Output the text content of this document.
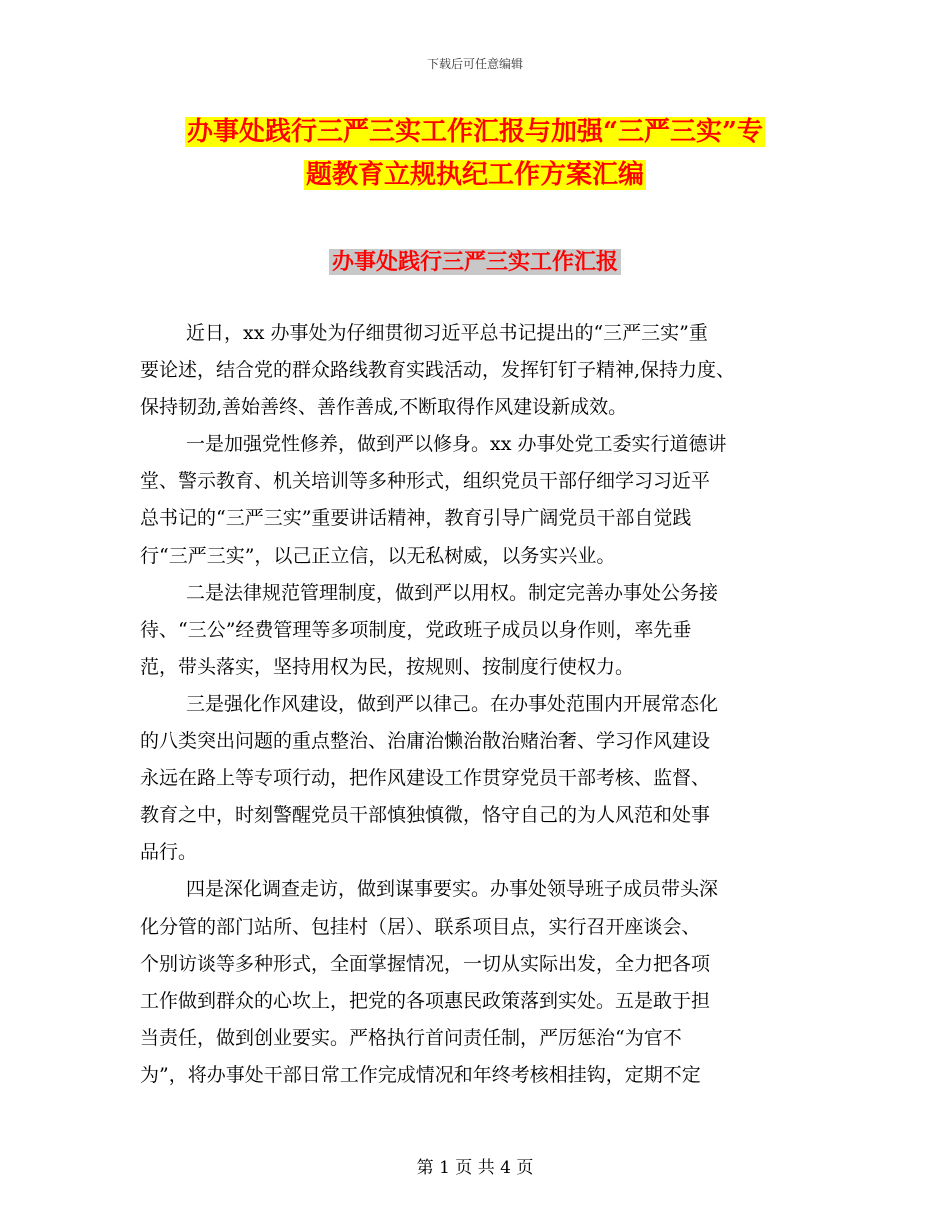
下载后可任意编辑
办事处践行三严三实工作汇报与加强“三严三实”专
题教育立规执纪工作方案汇编
办事处践行三严三实工作汇报

近日，xx 办事处为仔细贯彻习近平总书记提出的“三严三实”重
要论述，结合党的群众路线教育实践活动，发挥钉钉子精神,保持力度、
保持韧劲,善始善终、善作善成,不断取得作风建设新成效。

一是加强党性修养，做到严以修身。xx 办事处党工委实行道德讲
堂、警示教育、机关培训等多种形式，组织党员干部仔细学习习近平
总书记的“三严三实”重要讲话精神，教育引导广阔党员干部自觉践
行“三严三实”，以己正立信，以无私树威，以务实兴业。

二是法律规范管理制度，做到严以用权。制定完善办事处公务接
待、“三公”经费管理等多项制度，党政班子成员以身作则，率先垂
范，带头落实，坚持用权为民，按规则、按制度行使权力。

三是强化作风建设，做到严以律己。在办事处范围内开展常态化
的八类突出问题的重点整治、治庸治懒治散治赌治奢、学习作风建设
永远在路上等专项行动，把作风建设工作贯穿党员干部考核、监督、
教育之中，时刻警醒党员干部慎独慎微，恪守自己的为人风范和处事
品行。

四是深化调查走访，做到谋事要实。办事处领导班子成员带头深
化分管的部门站所、包挂村（居）、联系项目点，实行召开座谈会、
个别访谈等多种形式，全面掌握情况，一切从实际出发，全力把各项
工作做到群众的心坎上，把党的各项惠民政策落到实处。五是敢于担
当责任，做到创业要实。严格执行首问责任制，严厉惩治“为官不
为”，将办事处干部日常工作完成情况和年终考核相挂钩，定期不定

第 1 页 共 4 页
